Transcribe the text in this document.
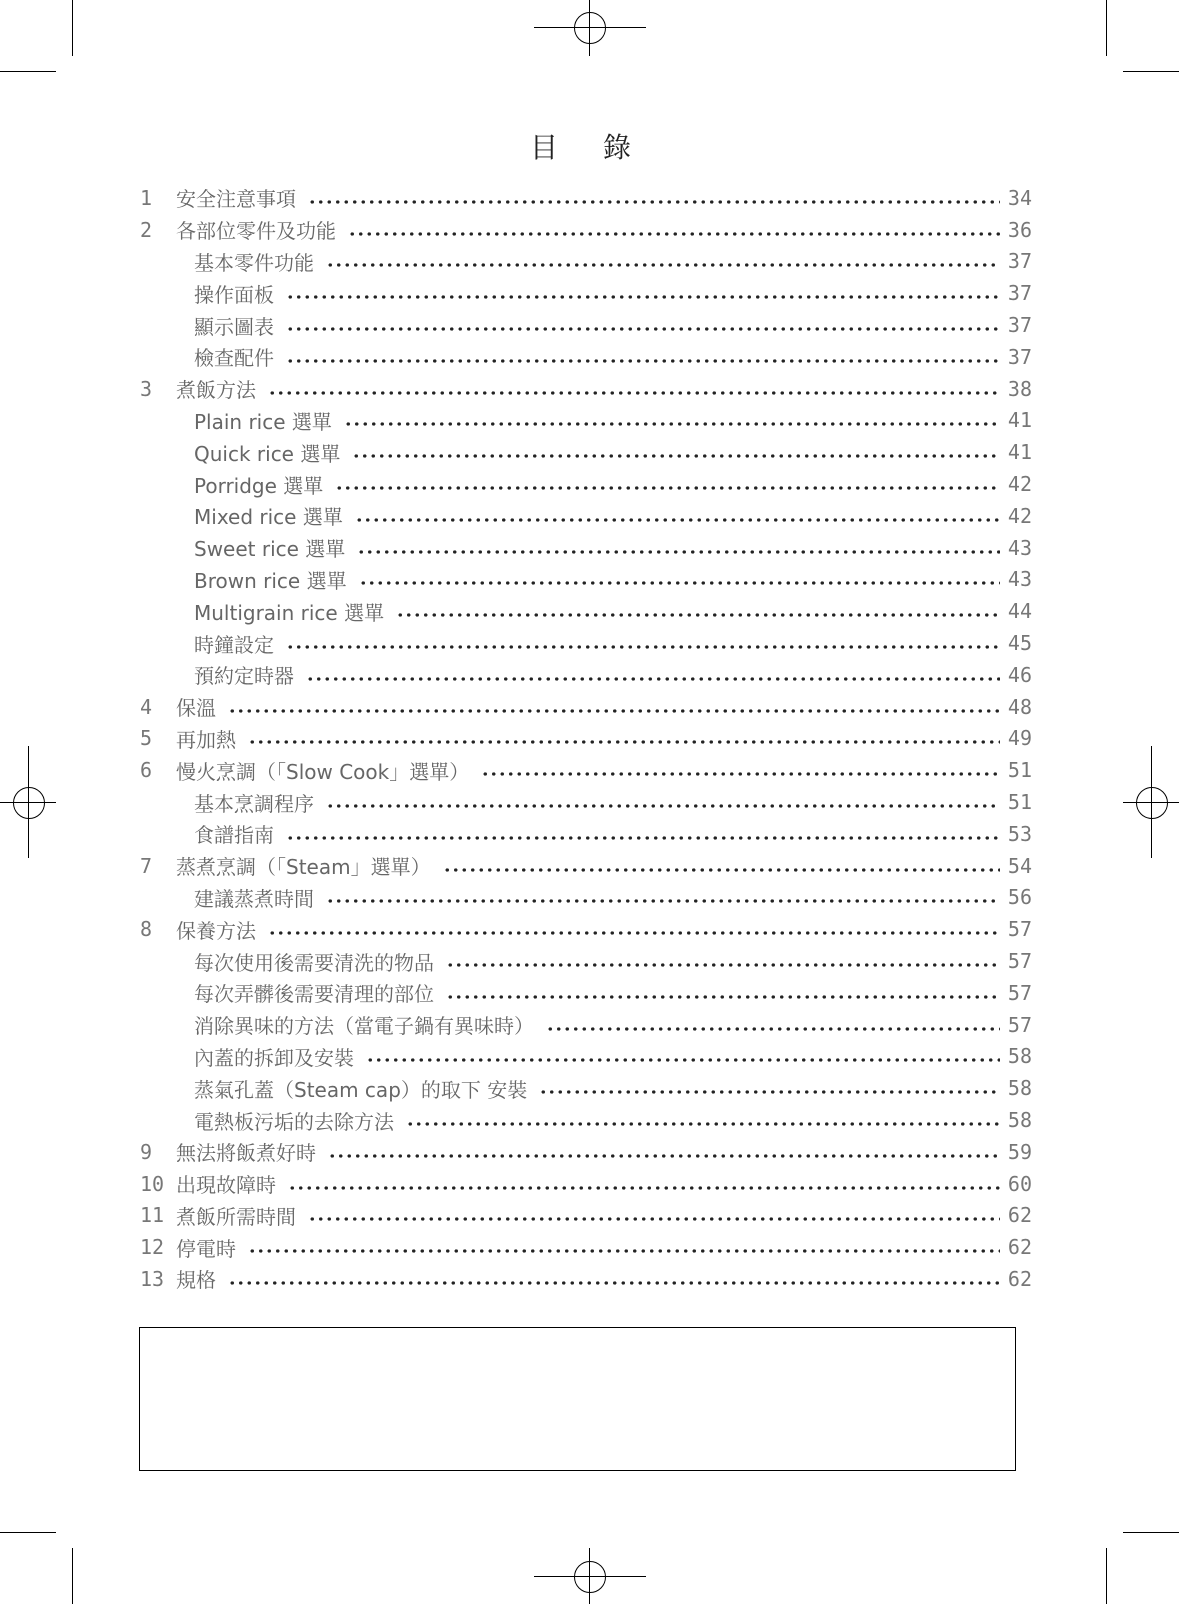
目 錄
1	安全注意事項	34
2	各部位零件及功能	36
基本零件功能	37
操作面板	37
顯示圖表	37
檢查配件	37
3	煮飯方法	38
Plain rice 選單	41
Quick rice 選單	41
Porridge 選單	42
Mixed rice 選單	42
Sweet rice 選單	43
Brown rice 選單	43
Multigrain rice 選單	44
時鐘設定	45
預約定時器	46
4	保溫	48
5	再加熱	49
6	慢火烹調（「Slow Cook」選單）	51
基本烹調程序	51
食譜指南	53
7	蒸煮烹調（「Steam」選單）	54
建議蒸煮時間	56
8	保養方法	57
每次使用後需要清洗的物品	57
每次弄髒後需要清理的部位	57
消除異味的方法（當電子鍋有異味時）	57
內蓋的拆卸及安裝	58
蒸氣孔蓋（Steam cap）的取下 安裝	58
電熱板污垢的去除方法	58
9	無法將飯煮好時	59
10 出現故障時	60
11 煮飯所需時間	62
12 停電時	62
13 規格	62
